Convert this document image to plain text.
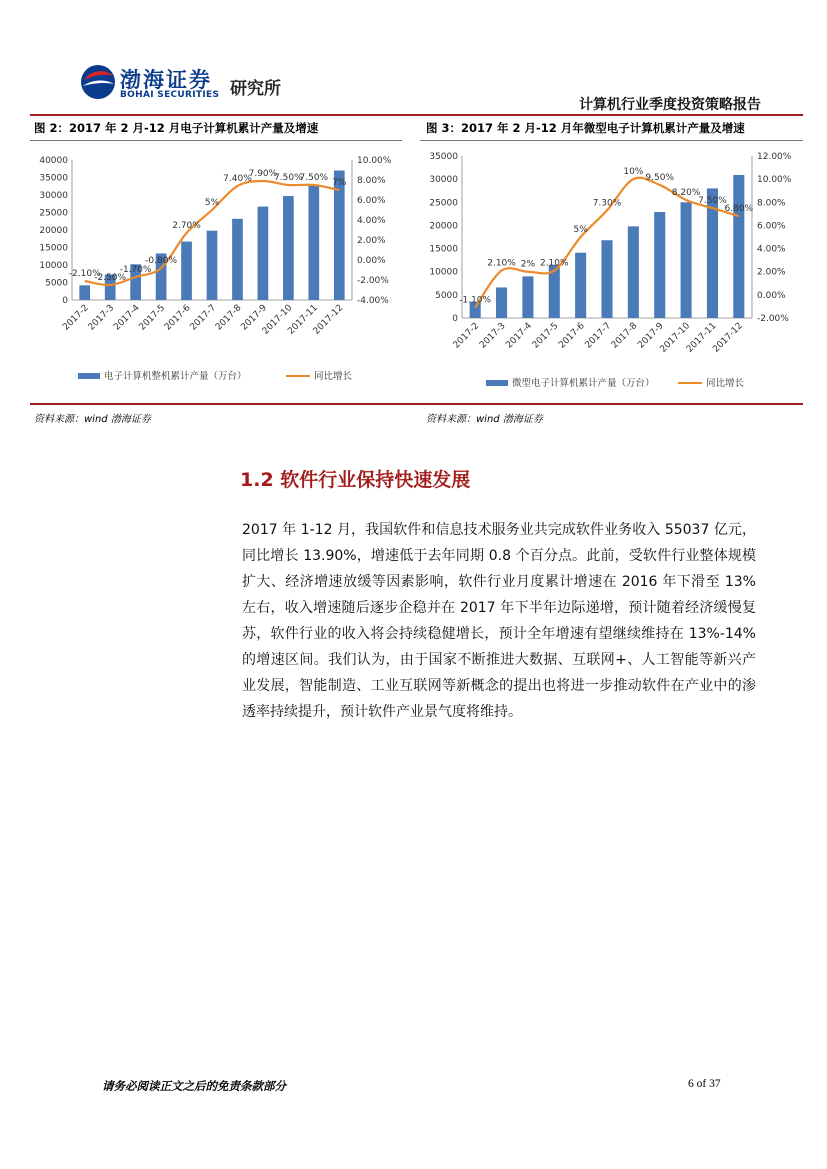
渤海证券
BOHAI SECURITIES 研究所
计算机行业季度投资策略报告
图 2：2017 年 2 月-12 月电子计算机累计产量及增速	图 3：2017 年 2 月-12 月年微型电子计算机累计产量及增速
40000
35000
30000
25000
20000
15000
10000
5000
0
10.00%
8.00%
6.00%
4.00%
2.00%
0.00%
-2.00%
-4.00%
-2.10%
-2.50%
-1.70%
-0.80%
2.70%
5%
7.40%
7.90%
7.50%
7.50% 7%
2017-2
2017-3
2017-4
2017-5
2017-6
2017-7
2017-8
2017-9
2017-10
2017-11
2017-12
电子计算机整机累计产量（万台）	同比增长
35000
30000
25000
20000
15000
10000
5000
0
12.00%
10.00%
8.00%
6.00%
4.00%
2.00%
0.00%
-2.00%
-1.10%
2.10% 2% 2.10%
5%
7.30%
10%
9.50%
8.20%
7.50%
6.80%
2017-2
2017-3
2017-4
2017-5
2017-6
2017-7
2017-8
2017-9
2017-10
2017-11
2017-12
微型电子计算机累计产量（万台）	同比增长
资料来源：wind 渤海证券	资料来源：wind 渤海证券
1.2 软件行业保持快速发展
2017 年 1-12 月，我国软件和信息技术服务业共完成软件业务收入 55037 亿元，同比增长 13.90%，增速低于去年同期 0.8 个百分点。此前，受软件行业整体规模扩大、经济增速放缓等因素影响，软件行业月度累计增速在 2016 年下滑至 13%左右，收入增速随后逐步企稳并在 2017 年下半年边际递增，预计随着经济缓慢复苏，软件行业的收入将会持续稳健增长，预计全年增速有望继续维持在 13%-14%的增速区间。我们认为，由于国家不断推进大数据、互联网+、人工智能等新兴产业发展，智能制造、工业互联网等新概念的提出也将进一步推动软件在产业中的渗透率持续提升，预计软件产业景气度将维持。
请务必阅读正文之后的免责条款部分	6 of 37
